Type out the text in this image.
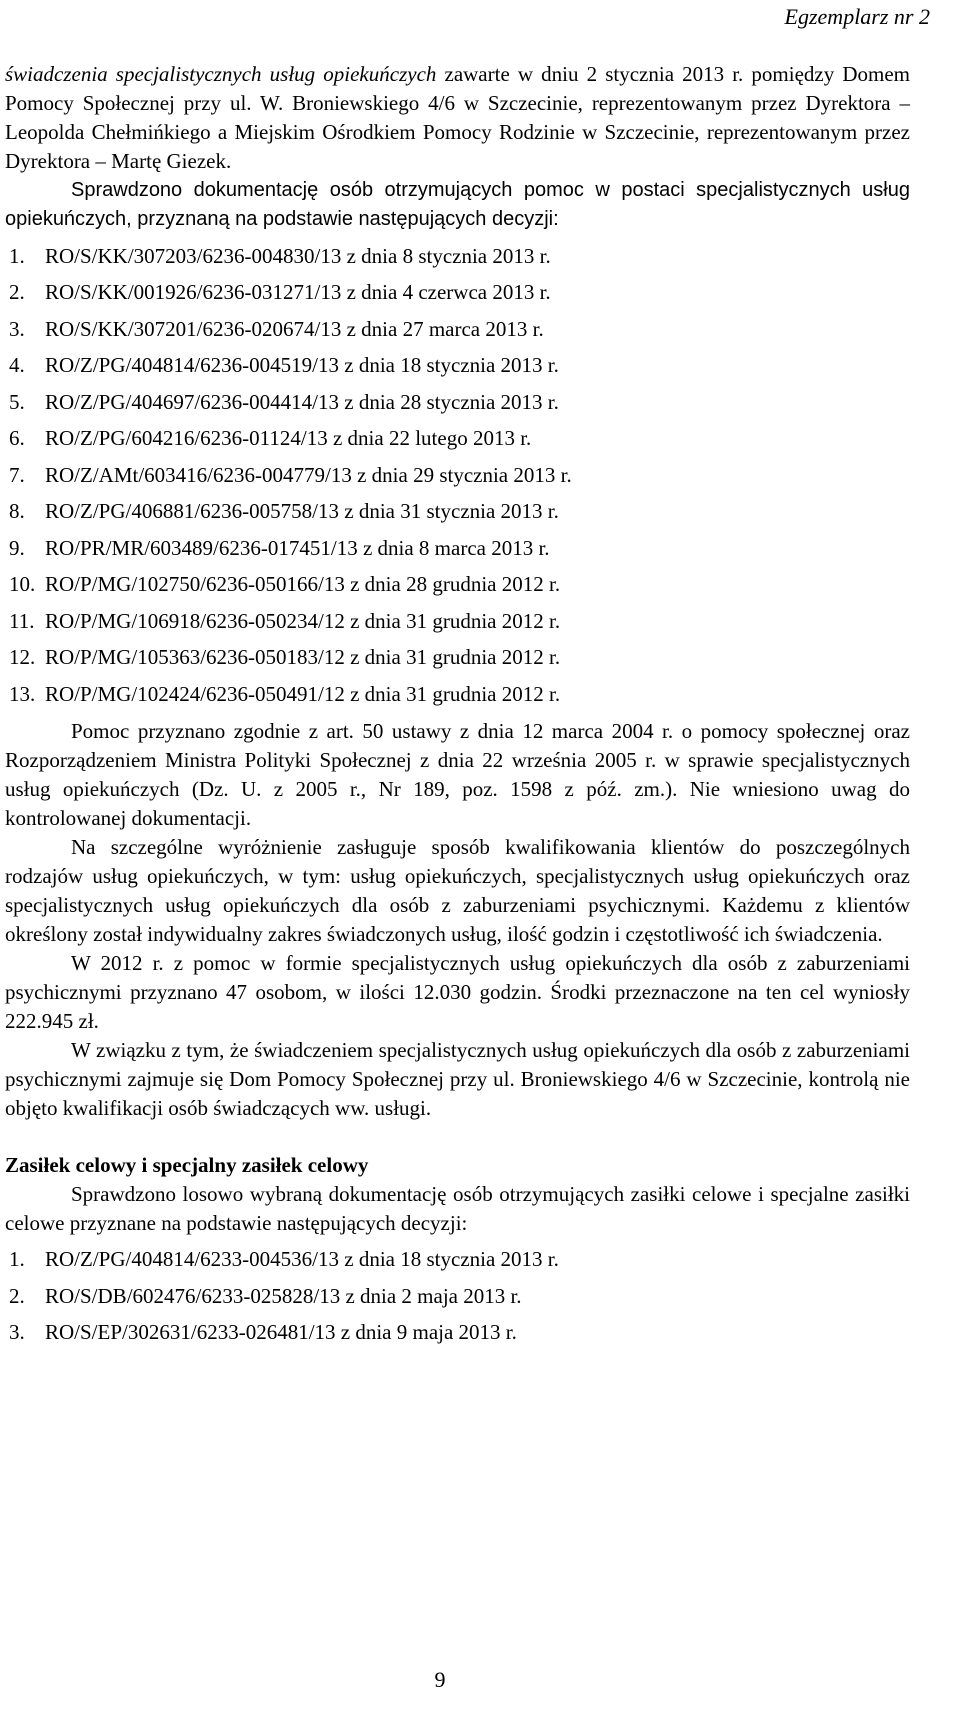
Egzemplarz nr 2

świadczenia specjalistycznych usług opiekuńczych zawarte w dniu 2 stycznia 2013 r. pomiędzy Domem Pomocy Społecznej przy ul. W. Broniewskiego 4/6 w Szczecinie, reprezentowanym przez Dyrektora – Leopolda Chełmińkiego a Miejskim Ośrodkiem Pomocy Rodzinie w Szczecinie, reprezentowanym przez Dyrektora – Martę Giezek.

Sprawdzono dokumentację osób otrzymujących pomoc w postaci specjalistycznych usług opiekuńczych, przyznaną na podstawie następujących decyzji:

1. RO/S/KK/307203/6236-004830/13 z dnia 8 stycznia 2013 r.
2. RO/S/KK/001926/6236-031271/13 z dnia 4 czerwca 2013 r.
3. RO/S/KK/307201/6236-020674/13 z dnia 27 marca 2013 r.
4. RO/Z/PG/404814/6236-004519/13 z dnia 18 stycznia 2013 r.
5. RO/Z/PG/404697/6236-004414/13 z dnia 28 stycznia 2013 r.
6. RO/Z/PG/604216/6236-01124/13 z dnia 22 lutego 2013 r.
7. RO/Z/AMt/603416/6236-004779/13 z dnia 29 stycznia 2013 r.
8. RO/Z/PG/406881/6236-005758/13 z dnia 31 stycznia 2013 r.
9. RO/PR/MR/603489/6236-017451/13 z dnia 8 marca 2013 r.
10. RO/P/MG/102750/6236-050166/13 z dnia 28 grudnia 2012 r.
11. RO/P/MG/106918/6236-050234/12 z dnia 31 grudnia 2012 r.
12. RO/P/MG/105363/6236-050183/12 z dnia 31 grudnia 2012 r.
13. RO/P/MG/102424/6236-050491/12 z dnia 31 grudnia 2012 r.

Pomoc przyznano zgodnie z art. 50 ustawy z dnia 12 marca 2004 r. o pomocy społecznej oraz Rozporządzeniem Ministra Polityki Społecznej z dnia 22 września 2005 r. w sprawie specjalistycznych usług opiekuńczych (Dz. U. z 2005 r., Nr 189, poz. 1598 z póź. zm.). Nie wniesiono uwag do kontrolowanej dokumentacji.

Na szczególne wyróżnienie zasługuje sposób kwalifikowania klientów do poszczególnych rodzajów usług opiekuńczych, w tym: usług opiekuńczych, specjalistycznych usług opiekuńczych oraz specjalistycznych usług opiekuńczych dla osób z zaburzeniami psychicznymi. Każdemu z klientów określony został indywidualny zakres świadczonych usług, ilość godzin i częstotliwość ich świadczenia.

W 2012 r. z pomoc w formie specjalistycznych usług opiekuńczych dla osób z zaburzeniami psychicznymi przyznano 47 osobom, w ilości 12.030 godzin. Środki przeznaczone na ten cel wyniosły 222.945 zł.

W związku z tym, że świadczeniem specjalistycznych usług opiekuńczych dla osób z zaburzeniami psychicznymi zajmuje się Dom Pomocy Społecznej przy ul. Broniewskiego 4/6 w Szczecinie, kontrolą nie objęto kwalifikacji osób świadczących ww. usługi.

Zasiłek celowy i specjalny zasiłek celowy

Sprawdzono losowo wybraną dokumentację osób otrzymujących zasiłki celowe i specjalne zasiłki celowe przyznane na podstawie następujących decyzji:

1. RO/Z/PG/404814/6233-004536/13 z dnia 18 stycznia 2013 r.
2. RO/S/DB/602476/6233-025828/13 z dnia 2 maja 2013 r.
3. RO/S/EP/302631/6233-026481/13 z dnia 9 maja 2013 r.
9
